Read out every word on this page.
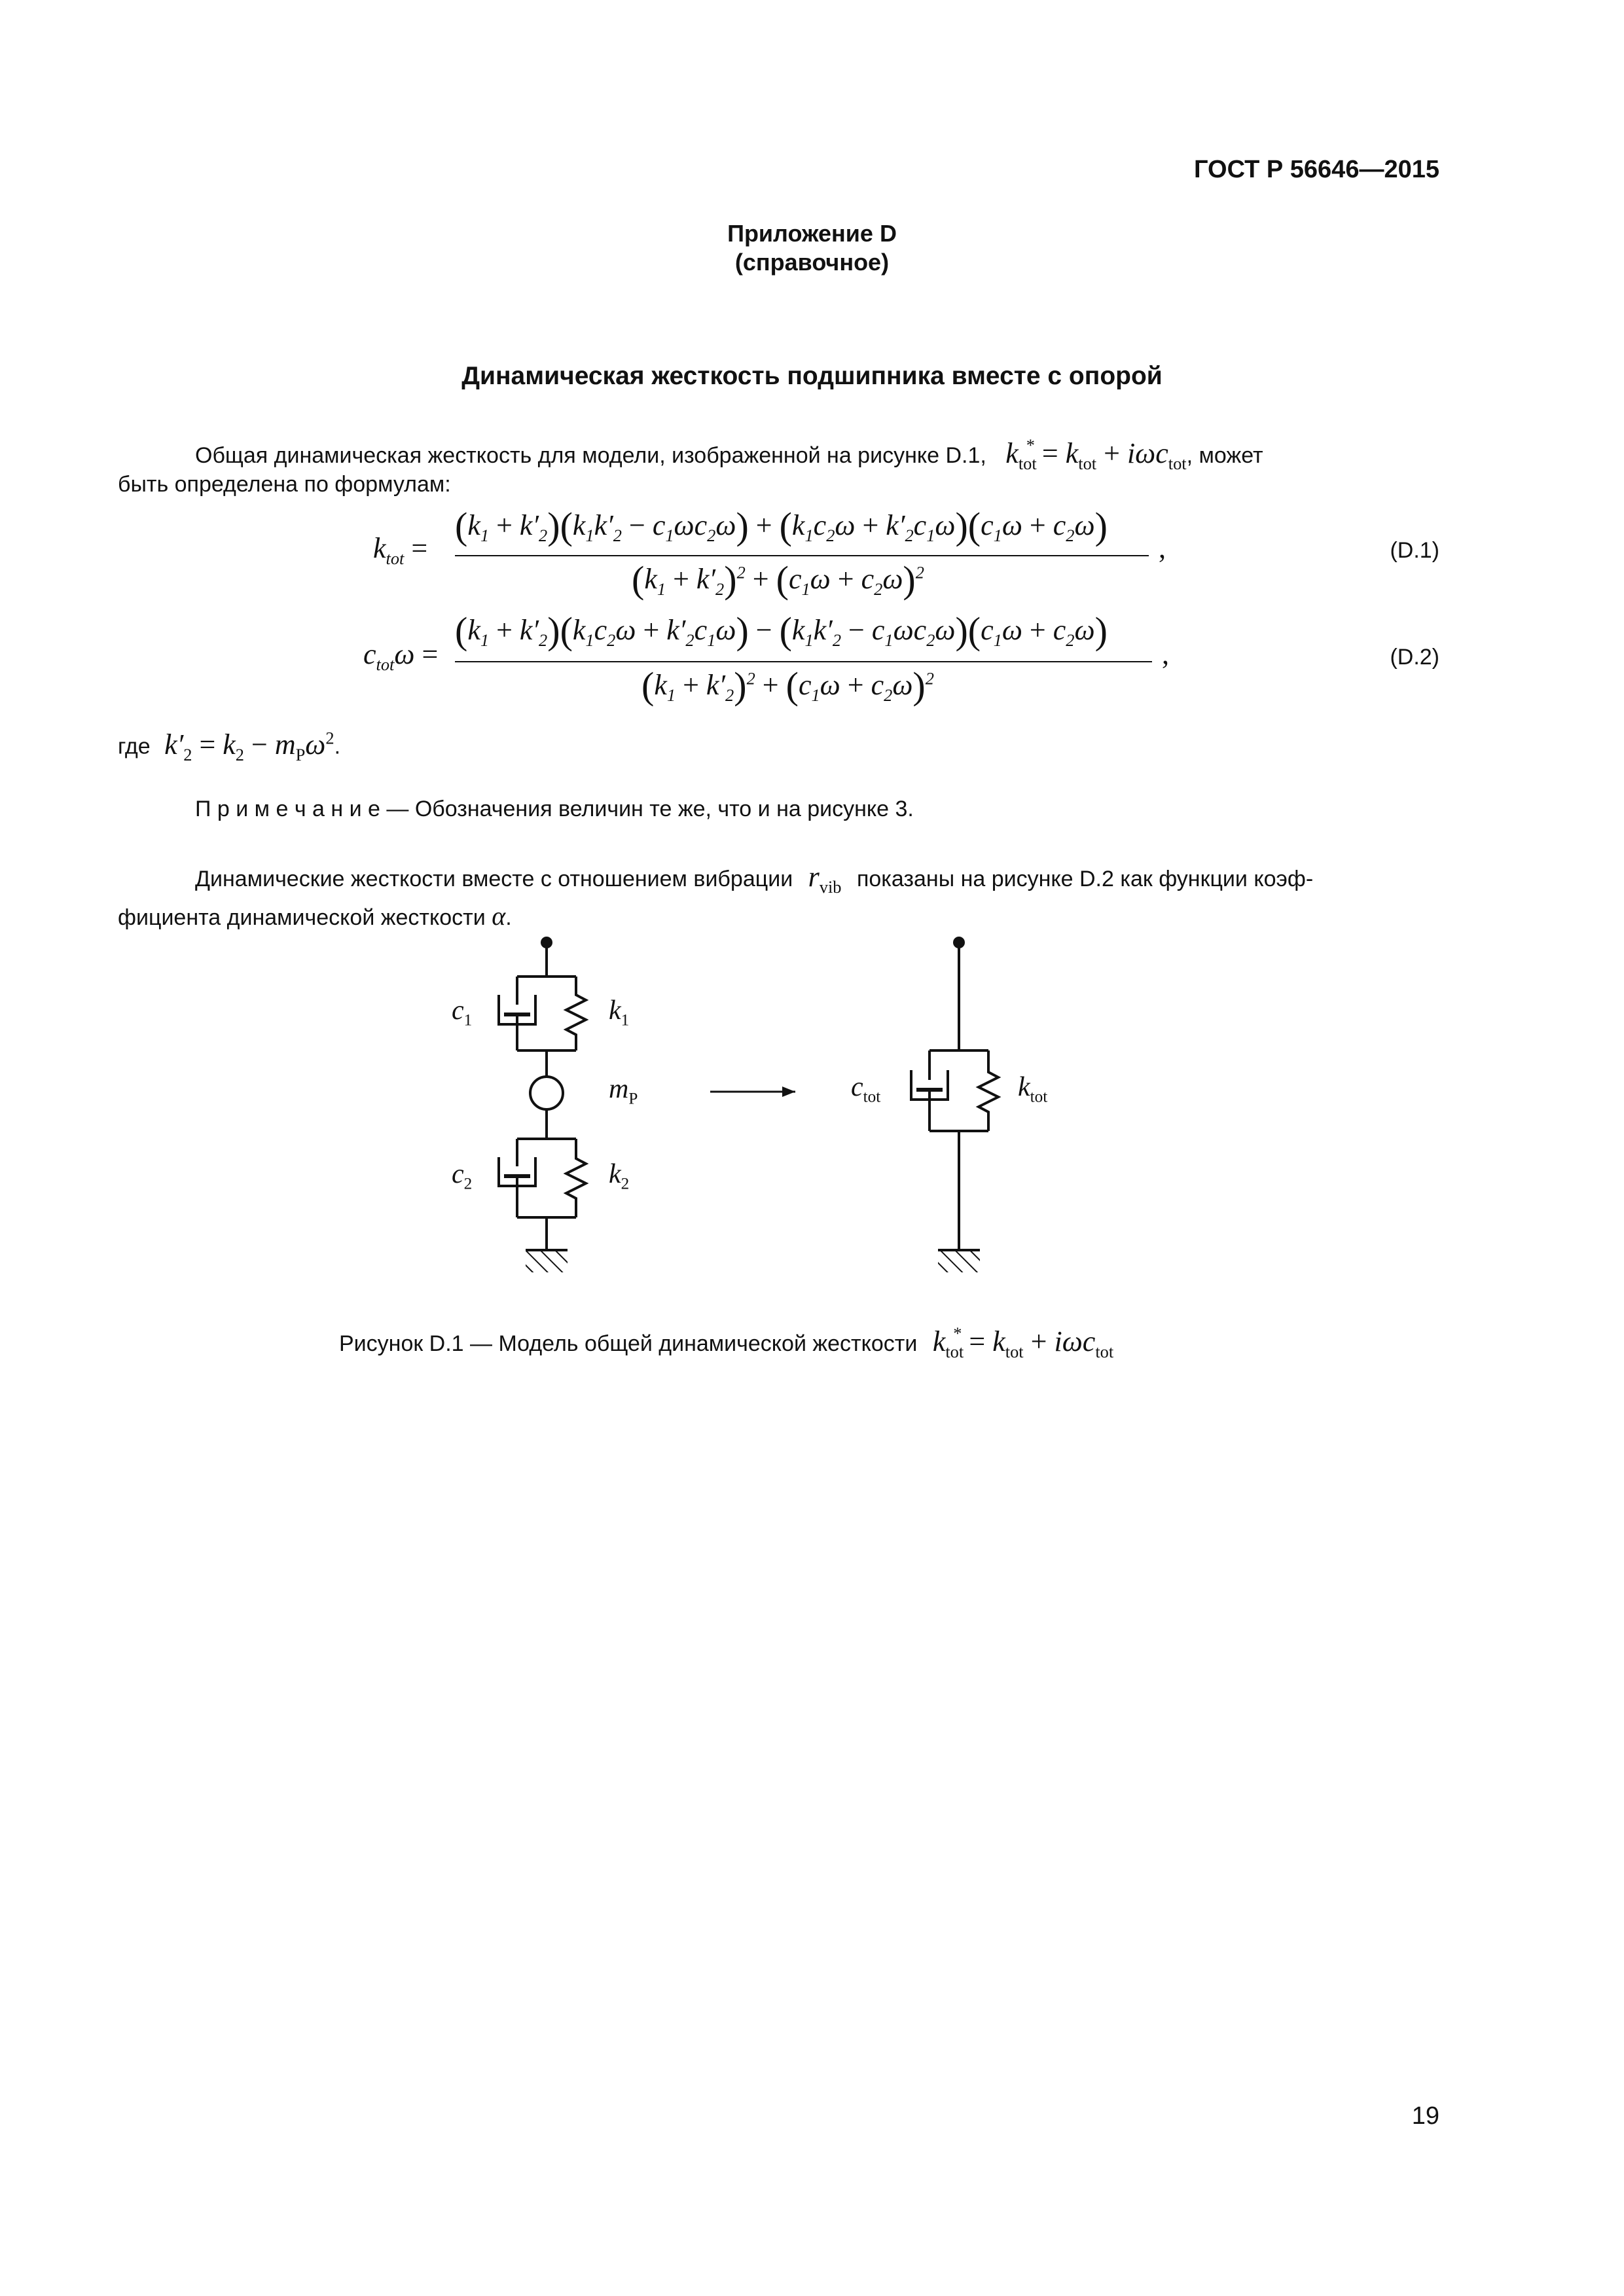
ГОСТ Р 56646—2015
Приложение D
(справочное)
Динамическая жесткость подшипника вместе с опорой
Общая динамическая жесткость для модели, изображенной на рисунке D.1, $k_{tot}^* = k_{tot} + i\omega c_{tot}$, может
быть определена по формулам:
$k_{tot}$ =
$(k_1 + k'_2)(k_1k'_2 - c_1\omega c_2\omega) + (k_1c_2\omega + k'_2c_1\omega)(c_1\omega + c_2\omega)$
$(k_1 + k'_2)^2 + (c_1\omega + c_2\omega)^2$
,	(D.1)
$c_{tot}\omega$ =
$(k_1 + k'_2)(k_1c_2\omega + k'_2c_1\omega) - (k_1k'_2 - c_1\omega c_2\omega)(c_1\omega + c_2\omega)$
$(k_1 + k'_2)^2 + (c_1\omega + c_2\omega)^2$
,	(D.2)
где $k'_2 = k_2 - m_P\omega^2$.
П р и м е ч а н и е — Обозначения величин те же, что и на рисунке 3.
Динамические жесткости вместе с отношением вибрации $r_{vib}$ показаны на рисунке D.2 как функции коэф-
фициента динамической жесткости α.
$c_1$	$k_1$
$m_P$
$c_2$	$k_2$
$c_{tot}$	$k_{tot}$
Рисунок D.1 — Модель общей динамической жесткости $k_{tot}^* = k_{tot} + i\omega c_{tot}$
19
